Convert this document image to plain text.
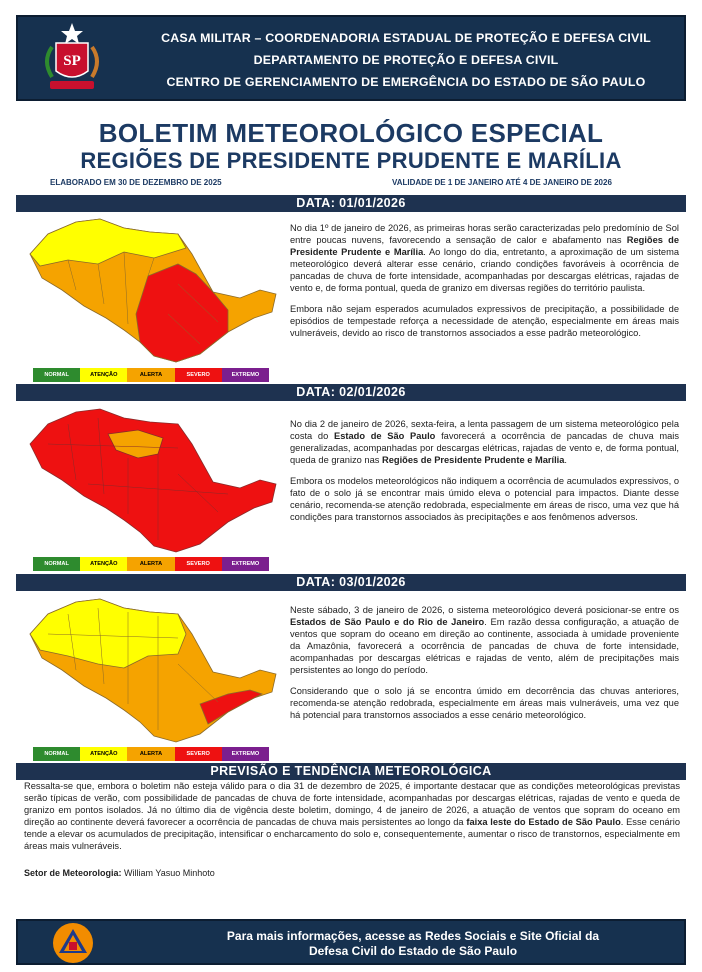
SP
CASA MILITAR – COORDENADORIA ESTADUAL DE PROTEÇÃO E DEFESA CIVIL
DEPARTAMENTO DE PROTEÇÃO E DEFESA CIVIL
CENTRO DE GERENCIAMENTO DE EMERGÊNCIA DO ESTADO DE SÃO PAULO
BOLETIM METEOROLÓGICO ESPECIAL
REGIÕES DE PRESIDENTE PRUDENTE E MARÍLIA
ELABORADO EM 30 DE DEZEMBRO DE 2025	VALIDADE DE 1 DE JANEIRO ATÉ 4 DE JANEIRO DE 2026
DATA: 01/01/2026
NORMAL	ATENÇÃO	ALERTA	SEVERO	EXTREMO

No dia 1º de janeiro de 2026, as primeiras horas serão caracterizadas pelo predomínio de Sol entre poucas nuvens, favorecendo a sensação de calor e abafamento nas Regiões de Presidente Prudente e Marília. Ao longo do dia, entretanto, a aproximação de um sistema meteorológico deverá alterar esse cenário, criando condições favoráveis à ocorrência de pancadas de chuva de forte intensidade, acompanhadas por descargas elétricas, rajadas de vento e, de forma pontual, queda de granizo em diversas regiões do território paulista.

Embora não sejam esperados acumulados expressivos de precipitação, a possibilidade de episódios de tempestade reforça a necessidade de atenção, especialmente em áreas mais vulneráveis, devido ao risco de transtornos associados a esse padrão meteorológico.

DATA: 02/01/2026
NORMAL	ATENÇÃO	ALERTA	SEVERO	EXTREMO

No dia 2 de janeiro de 2026, sexta-feira, a lenta passagem de um sistema meteorológico pela costa do Estado de São Paulo favorecerá a ocorrência de pancadas de chuva mais generalizadas, acompanhadas por descargas elétricas, rajadas de vento e, de forma pontual, queda de granizo nas Regiões de Presidente Prudente e Marília.

Embora os modelos meteorológicos não indiquem a ocorrência de acumulados expressivos, o fato de o solo já se encontrar mais úmido eleva o potencial para impactos. Diante desse cenário, recomenda-se atenção redobrada, especialmente em áreas de risco, uma vez que há condições para transtornos associados às precipitações e aos fenômenos adversos.

DATA: 03/01/2026
NORMAL	ATENÇÃO	ALERTA	SEVERO	EXTREMO

Neste sábado, 3 de janeiro de 2026, o sistema meteorológico deverá posicionar-se entre os Estados de São Paulo e do Rio de Janeiro. Em razão dessa configuração, a atuação de ventos que sopram do oceano em direção ao continente, associada à umidade proveniente da Amazônia, favorecerá a ocorrência de pancadas de chuva de forte intensidade, acompanhadas por descargas elétricas e rajadas de vento, além de precipitações mais persistentes ao longo do período.

Considerando que o solo já se encontra úmido em decorrência das chuvas anteriores, recomenda-se atenção redobrada, especialmente em áreas mais vulneráveis, uma vez que há potencial para transtornos associados a esse cenário meteorológico.

PREVISÃO E TENDÊNCIA METEOROLÓGICA
Ressalta-se que, embora o boletim não esteja válido para o dia 31 de dezembro de 2025, é importante destacar que as condições meteorológicas previstas serão típicas de verão, com possibilidade de pancadas de chuva de forte intensidade, acompanhadas por descargas elétricas, rajadas de vento e queda de granizo em pontos isolados. Já no último dia de vigência deste boletim, domingo, 4 de janeiro de 2026, a atuação de ventos que sopram do oceano em direção ao continente deverá favorecer a ocorrência de pancadas de chuva mais persistentes ao longo da faixa leste do Estado de São Paulo. Esse cenário tende a elevar os acumulados de precipitação, intensificar o encharcamento do solo e, consequentemente, aumentar o risco de transtornos, especialmente em áreas mais vulneráveis.
Setor de Meteorologia: William Yasuo Minhoto
Para mais informações, acesse as Redes Sociais e Site Oficial da
Defesa Civil do Estado de São Paulo
